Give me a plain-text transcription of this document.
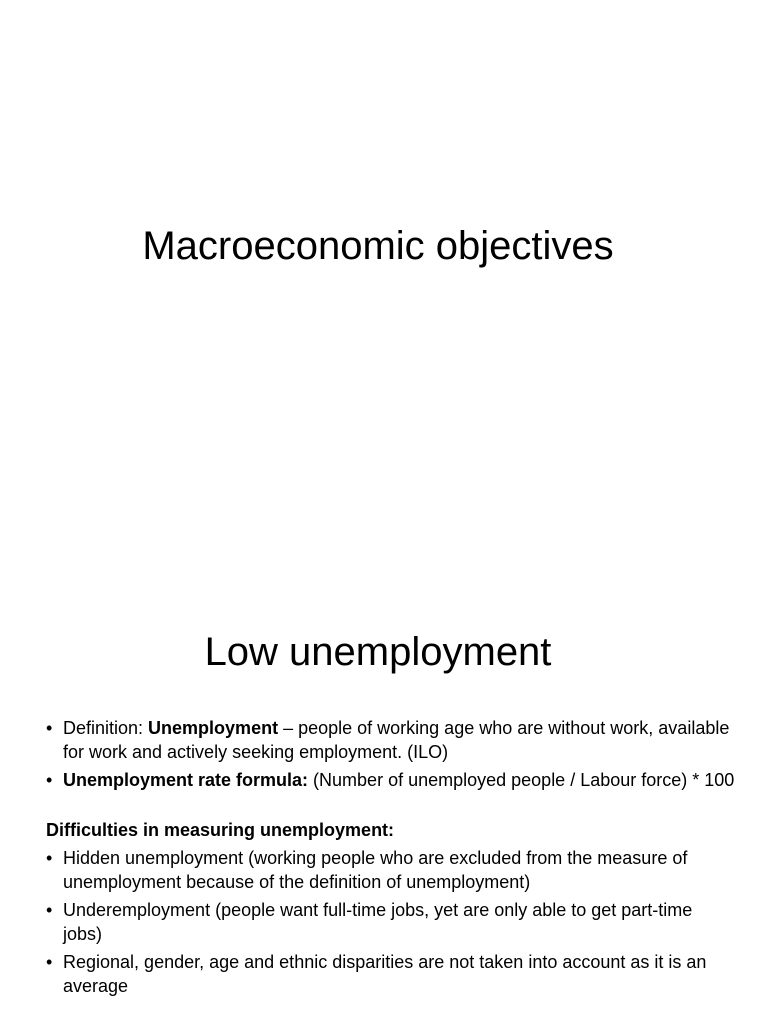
Macroeconomic objectives
Low unemployment
• Definition: Unemployment – people of working age who are without work, available for work and actively seeking employment. (ILO)
• Unemployment rate formula: (Number of unemployed people / Labour force) * 100
Difficulties in measuring unemployment:
• Hidden unemployment (working people who are excluded from the measure of unemployment because of the definition of unemployment)
• Underemployment (people want full-time jobs, yet are only able to get part-time jobs)
• Regional, gender, age and ethnic disparities are not taken into account as it is an average
